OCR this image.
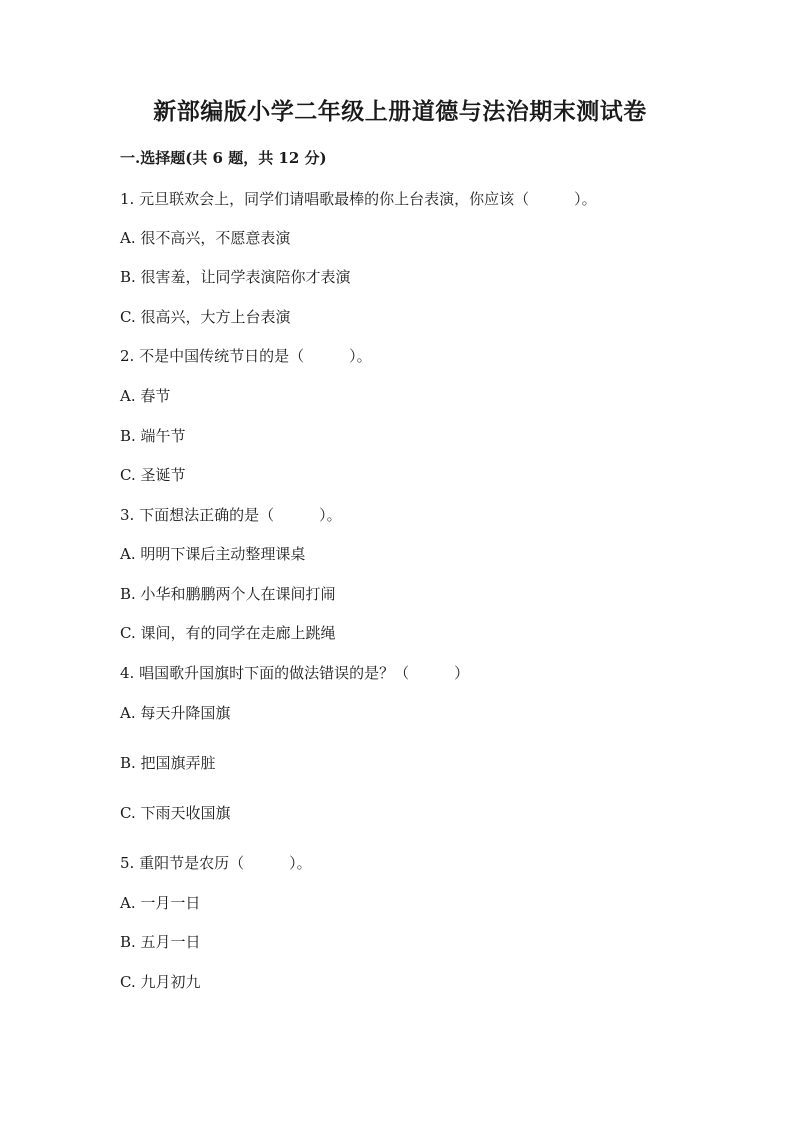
新部编版小学二年级上册道德与法治期末测试卷
一.选择题(共 6 题，共 12 分)
1. 元旦联欢会上，同学们请唱歌最棒的你上台表演，你应该（　　　）。
A. 很不高兴，不愿意表演
B. 很害羞，让同学表演陪你才表演
C. 很高兴，大方上台表演
2. 不是中国传统节日的是（　　　）。
A. 春节
B. 端午节
C. 圣诞节
3. 下面想法正确的是（　　　）。
A. 明明下课后主动整理课桌
B. 小华和鹏鹏两个人在课间打闹
C. 课间，有的同学在走廊上跳绳
4. 唱国歌升国旗时下面的做法错误的是？（　　　）
A. 每天升降国旗
B. 把国旗弄脏
C. 下雨天收国旗
5. 重阳节是农历（　　　）。
A. 一月一日
B. 五月一日
C. 九月初九
